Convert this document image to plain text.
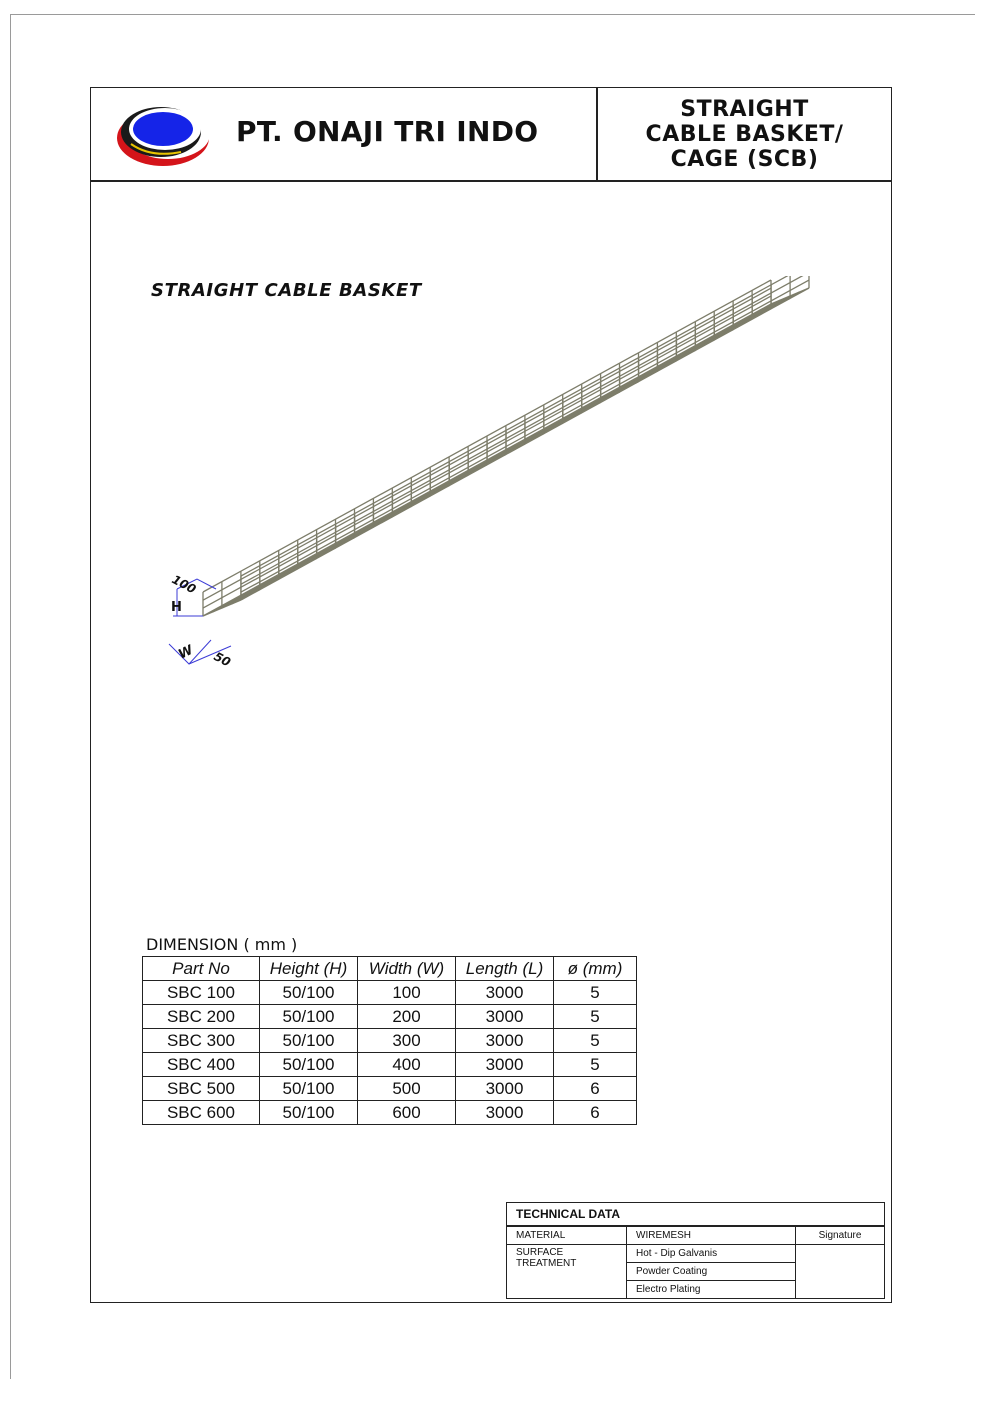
PT. ONAJI TRI INDO
STRAIGHT
CABLE BASKET/
CAGE (SCB)
STRAIGHT CABLE BASKET
100
H
50
W
DIMENSION ( mm )
Part No	Height (H)	Width (W)	Length (L)	ø (mm)
SBC 100	50/100	100	3000	5
SBC 200	50/100	200	3000	5
SBC 300	50/100	300	3000	5
SBC 400	50/100	400	3000	5
SBC 500	50/100	500	3000	6
SBC 600	50/100	600	3000	6
TECHNICAL DATA		
MATERIAL	WIREMESH	Signature
SURFACE TREATMENT	Hot - Dip Galvanis	
	Powder Coating	
	Electro Plating	
